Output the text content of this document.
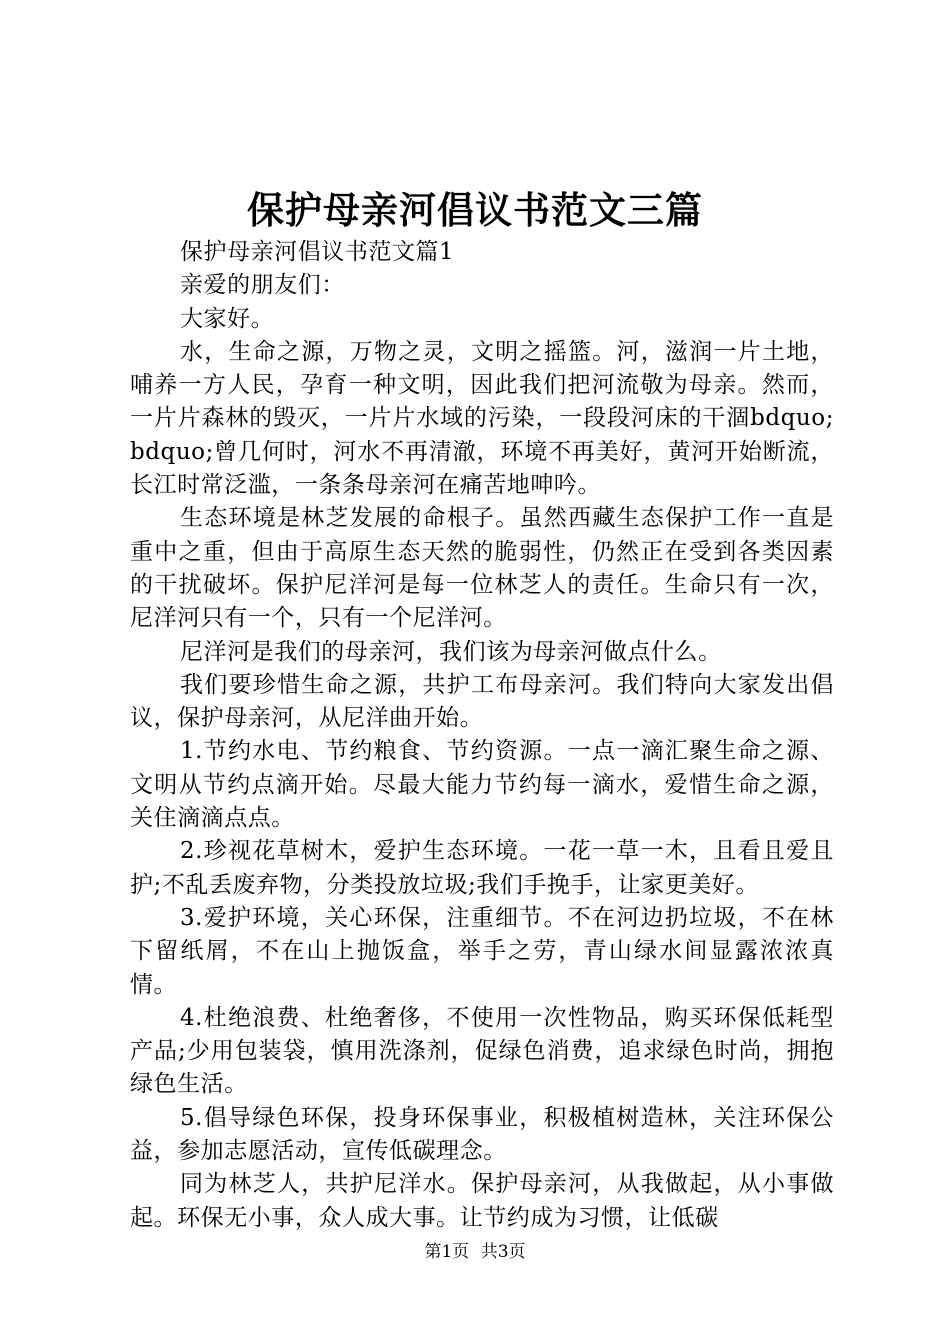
保护母亲河倡议书范文三篇

保护母亲河倡议书范文篇1

亲爱的朋友们：

大家好。

水，生命之源，万物之灵，文明之摇篮。河，滋润一片土地，哺养一方人民，孕育一种文明，因此我们把河流敬为母亲。然而，一片片森林的毁灭，一片片水域的污染，一段段河床的干涸bdquo;bdquo;曾几何时，河水不再清澈，环境不再美好，黄河开始断流，长江时常泛滥，一条条母亲河在痛苦地呻吟。

生态环境是林芝发展的命根子。虽然西藏生态保护工作一直是重中之重，但由于高原生态天然的脆弱性，仍然正在受到各类因素的干扰破坏。保护尼洋河是每一位林芝人的责任。生命只有一次，尼洋河只有一个，只有一个尼洋河。

尼洋河是我们的母亲河，我们该为母亲河做点什么。

我们要珍惜生命之源，共护工布母亲河。我们特向大家发出倡议，保护母亲河，从尼洋曲开始。

1.节约水电、节约粮食、节约资源。一点一滴汇聚生命之源、文明从节约点滴开始。尽最大能力节约每一滴水，爱惜生命之源，关住滴滴点点。

2.珍视花草树木，爱护生态环境。一花一草一木，且看且爱且护;不乱丢废弃物，分类投放垃圾;我们手挽手，让家更美好。

3.爱护环境，关心环保，注重细节。不在河边扔垃圾，不在林下留纸屑，不在山上抛饭盒，举手之劳，青山绿水间显露浓浓真情。

4.杜绝浪费、杜绝奢侈，不使用一次性物品，购买环保低耗型产品;少用包装袋，慎用洗涤剂，促绿色消费，追求绿色时尚，拥抱绿色生活。

5.倡导绿色环保，投身环保事业，积极植树造林，关注环保公益，参加志愿活动，宣传低碳理念。

同为林芝人，共护尼洋水。保护母亲河，从我做起，从小事做起。环保无小事，众人成大事。让节约成为习惯，让低碳

第1页 共3页
